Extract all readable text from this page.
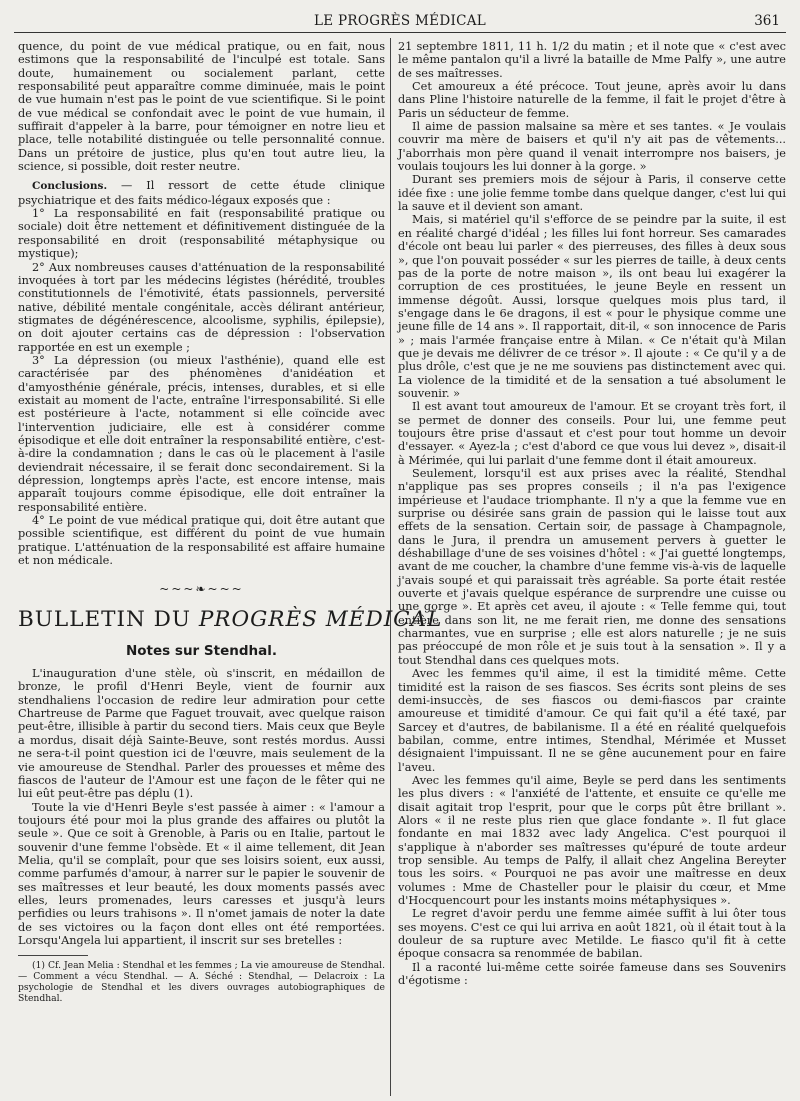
LE PROGRÈS MÉDICAL	361

quence, du point de vue médical pratique, ou en fait, nous estimons que la responsabilité de l'inculpé est totale. Sans doute, humainement ou socialement parlant, cette responsabilité peut apparaître comme diminuée, mais le point de vue humain n'est pas le point de vue scientifique. Si le point de vue médical se confondait avec le point de vue humain, il suffirait d'appeler à la barre, pour témoigner en notre lieu et place, telle notabilité distinguée ou telle personnalité connue. Dans un prétoire de justice, plus qu'en tout autre lieu, la science, si possible, doit rester neutre.

Conclusions. — Il ressort de cette étude clinique psychiatrique et des faits médico-légaux exposés que :

1° La responsabilité en fait (responsabilité pratique ou sociale) doit être nettement et définitivement distinguée de la responsabilité en droit (responsabilité métaphysique ou mystique);

2° Aux nombreuses causes d'atténuation de la responsabilité invoquées à tort par les médecins légistes (hérédité, troubles constitutionnels de l'émotivité, états passionnels, perversité native, débilité mentale congénitale, accès délirant antérieur, stigmates de dégénérescence, alcoolisme, syphilis, épilepsie), on doit ajouter certains cas de dépression : l'observation rapportée en est un exemple ;

3° La dépression (ou mieux l'asthénie), quand elle est caractérisée par des phénomènes d'anidéation et d'amyosthénie générale, précis, intenses, durables, et si elle existait au moment de l'acte, entraîne l'irresponsabilité. Si elle est postérieure à l'acte, notamment si elle coïncide avec l'intervention judiciaire, elle est à considérer comme épisodique et elle doit entraîner la responsabilité entière, c'est-à-dire la condamnation ; dans le cas où le placement à l'asile deviendrait nécessaire, il se ferait donc secondairement. Si la dépression, longtemps après l'acte, est encore intense, mais apparaît toujours comme épisodique, elle doit entraîner la responsabilité entière.

4° Le point de vue médical pratique qui, doit être autant que possible scientifique, est différent du point de vue humain pratique. L'atténuation de la responsabilité est affaire humaine et non médicale.

~~~❧~~~
BULLETIN DU PROGRÈS MÉDICAL
Notes sur Stendhal.

L'inauguration d'une stèle, où s'inscrit, en médaillon de bronze, le profil d'Henri Beyle, vient de fournir aux stendhaliens l'occasion de redire leur admiration pour cette Chartreuse de Parme que Faguet trouvait, avec quelque raison peut-être, illisible à partir du second tiers. Mais ceux que Beyle a mordus, disait déjà Sainte-Beuve, sont restés mordus. Aussi ne sera-t-il point question ici de l'œuvre, mais seulement de la vie amoureuse de Stendhal. Parler des prouesses et même des fiascos de l'auteur de l'Amour est une façon de le fêter qui ne lui eût peut-être pas déplu (1).

Toute la vie d'Henri Beyle s'est passée à aimer : « l'amour a toujours été pour moi la plus grande des affaires ou plutôt la seule ». Que ce soit à Grenoble, à Paris ou en Italie, partout le souvenir d'une femme l'obsède. Et « il aime tellement, dit Jean Melia, qu'il se complaît, pour que ses loisirs soient, eux aussi, comme parfumés d'amour, à narrer sur le papier le souvenir de ses maîtresses et leur beauté, les doux moments passés avec elles, leurs promenades, leurs caresses et jusqu'à leurs perfidies ou leurs trahisons ». Il n'omet jamais de noter la date de ses victoires ou la façon dont elles ont été remportées. Lorsqu'Angela lui appartient, il inscrit sur ses bretelles :

(1) Cf. Jean Melia : Stendhal et les femmes ; La vie amoureuse de Stendhal. — Comment a vécu Stendhal. — A. Séché : Stendhal, — Delacroix : La psychologie de Stendhal et les divers ouvrages autobiographiques de Stendhal.

21 septembre 1811, 11 h. 1/2 du matin ; et il note que « c'est avec le même pantalon qu'il a livré la bataille de Mme Palfy », une autre de ses maîtresses.

Cet amoureux a été précoce. Tout jeune, après avoir lu dans dans Pline l'histoire naturelle de la femme, il fait le projet d'être à Paris un séducteur de femme.

Il aime de passion malsaine sa mère et ses tantes. « Je voulais couvrir ma mère de baisers et qu'il n'y ait pas de vêtements... J'aborrhais mon père quand il venait interrompre nos baisers, je voulais toujours les lui donner à la gorge. »

Durant ses premiers mois de séjour à Paris, il conserve cette idée fixe : une jolie femme tombe dans quelque danger, c'est lui qui la sauve et il devient son amant.

Mais, si matériel qu'il s'efforce de se peindre par la suite, il est en réalité chargé d'idéal ; les filles lui font horreur. Ses camarades d'école ont beau lui parler « des pierreuses, des filles à deux sous », que l'on pouvait posséder « sur les pierres de taille, à deux cents pas de la porte de notre maison », ils ont beau lui exagérer la corruption de ces prostituées, le jeune Beyle en ressent un immense dégoût. Aussi, lorsque quelques mois plus tard, il s'engage dans le 6e dragons, il est « pour le physique comme une jeune fille de 14 ans ». Il rapportait, dit-il, « son innocence de Paris » ; mais l'armée française entre à Milan. « Ce n'était qu'à Milan que je devais me délivrer de ce trésor ». Il ajoute : « Ce qu'il y a de plus drôle, c'est que je ne me souviens pas distinctement avec qui. La violence de la timidité et de la sensation a tué absolument le souvenir. »

Il est avant tout amoureux de l'amour. Et se croyant très fort, il se permet de donner des conseils. Pour lui, une femme peut toujours être prise d'assaut et c'est pour tout homme un devoir d'essayer. « Ayez-la ; c'est d'abord ce que vous lui devez », disait-il à Mérimée, qui lui parlait d'une femme dont il était amoureux.

Seulement, lorsqu'il est aux prises avec la réalité, Stendhal n'applique pas ses propres conseils ; il n'a pas l'exigence impérieuse et l'audace triomphante. Il n'y a que la femme vue en surprise ou désirée sans grain de passion qui le laisse tout aux effets de la sensation. Certain soir, de passage à Champagnole, dans le Jura, il prendra un amusement pervers à guetter le déshabillage d'une de ses voisines d'hôtel : « J'ai guetté longtemps, avant de me coucher, la chambre d'une femme vis-à-vis de laquelle j'avais soupé et qui paraissait très agréable. Sa porte était restée ouverte et j'avais quelque espérance de surprendre une cuisse ou une gorge ». Et après cet aveu, il ajoute : « Telle femme qui, tout entière dans son lit, ne me ferait rien, me donne des sensations charmantes, vue en surprise ; elle est alors naturelle ; je ne suis pas préoccupé de mon rôle et je suis tout à la sensation ». Il y a tout Stendhal dans ces quelques mots.

Avec les femmes qu'il aime, il est la timidité même. Cette timidité est la raison de ses fiascos. Ses écrits sont pleins de ses demi-insuccès, de ses fiascos ou demi-fiascos par crainte amoureuse et timidité d'amour. Ce qui fait qu'il a été taxé, par Sarcey et d'autres, de babilanisme. Il a été en réalité quelquefois babilan, comme, entre intimes, Stendhal, Mérimée et Musset désignaient l'impuissant. Il ne se gêne aucunement pour en faire l'aveu.

Avec les femmes qu'il aime, Beyle se perd dans les sentiments les plus divers : « l'anxiété de l'attente, et ensuite ce qu'elle me disait agitait trop l'esprit, pour que le corps pût être brillant ». Alors « il ne reste plus rien que glace fondante ». Il fut glace fondante en mai 1832 avec lady Angelica. C'est pourquoi il s'applique à n'aborder ses maîtresses qu'épuré de toute ardeur trop sensible. Au temps de Palfy, il allait chez Angelina Bereyter tous les soirs. « Pourquoi ne pas avoir une maîtresse en deux volumes : Mme de Chasteller pour le plaisir du cœur, et Mme d'Hocquencourt pour les instants moins métaphysiques ».

Le regret d'avoir perdu une femme aimée suffit à lui ôter tous ses moyens. C'est ce qui lui arriva en août 1821, où il était tout à la douleur de sa rupture avec Metilde. Le fiasco qu'il fit à cette époque consacra sa renommée de babilan.

Il a raconté lui-même cette soirée fameuse dans ses Souvenirs d'égotisme :
